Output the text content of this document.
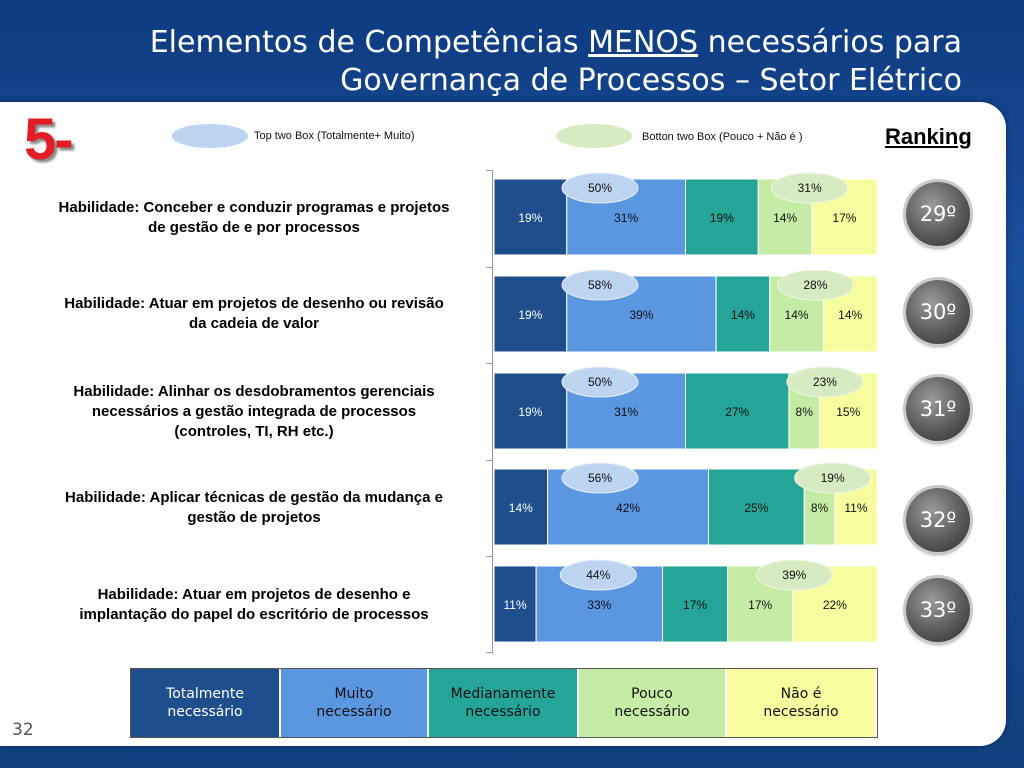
Elementos de Competências MENOS necessários para
Governança de Processos – Setor Elétrico
5-	Top two Box (Totalmente+ Muito)	Botton two Box (Pouco + Não é )	Ranking
Habilidade: Conceber e conduzir programas e projetos
de gestão de e por processos
Habilidade: Atuar em projetos de desenho ou revisão
da cadeia de valor
Habilidade: Alinhar os desdobramentos gerenciais
necessários a gestão integrada de processos
(controles, TI, RH etc.)
Habilidade: Aplicar técnicas de gestão da mudança e
gestão de projetos
Habilidade: Atuar em projetos de desenho e
implantação do papel do escritório de processos
19%	31%	19%	14%	17%
50%	31%
19%	39%	14% 14% 14%
58%	28%
19%	31%	27%	8% 15%
50%	23%
14%	42%	25%	8% 11%
56%	19%
11%	33%	17%	17%	22%
44%	39%
29º
30º
31º
32º
33º
Totalmente
necessário
Muito
necessário
Medianamente
necessário
Pouco
necessário
Não é
necessário
32
